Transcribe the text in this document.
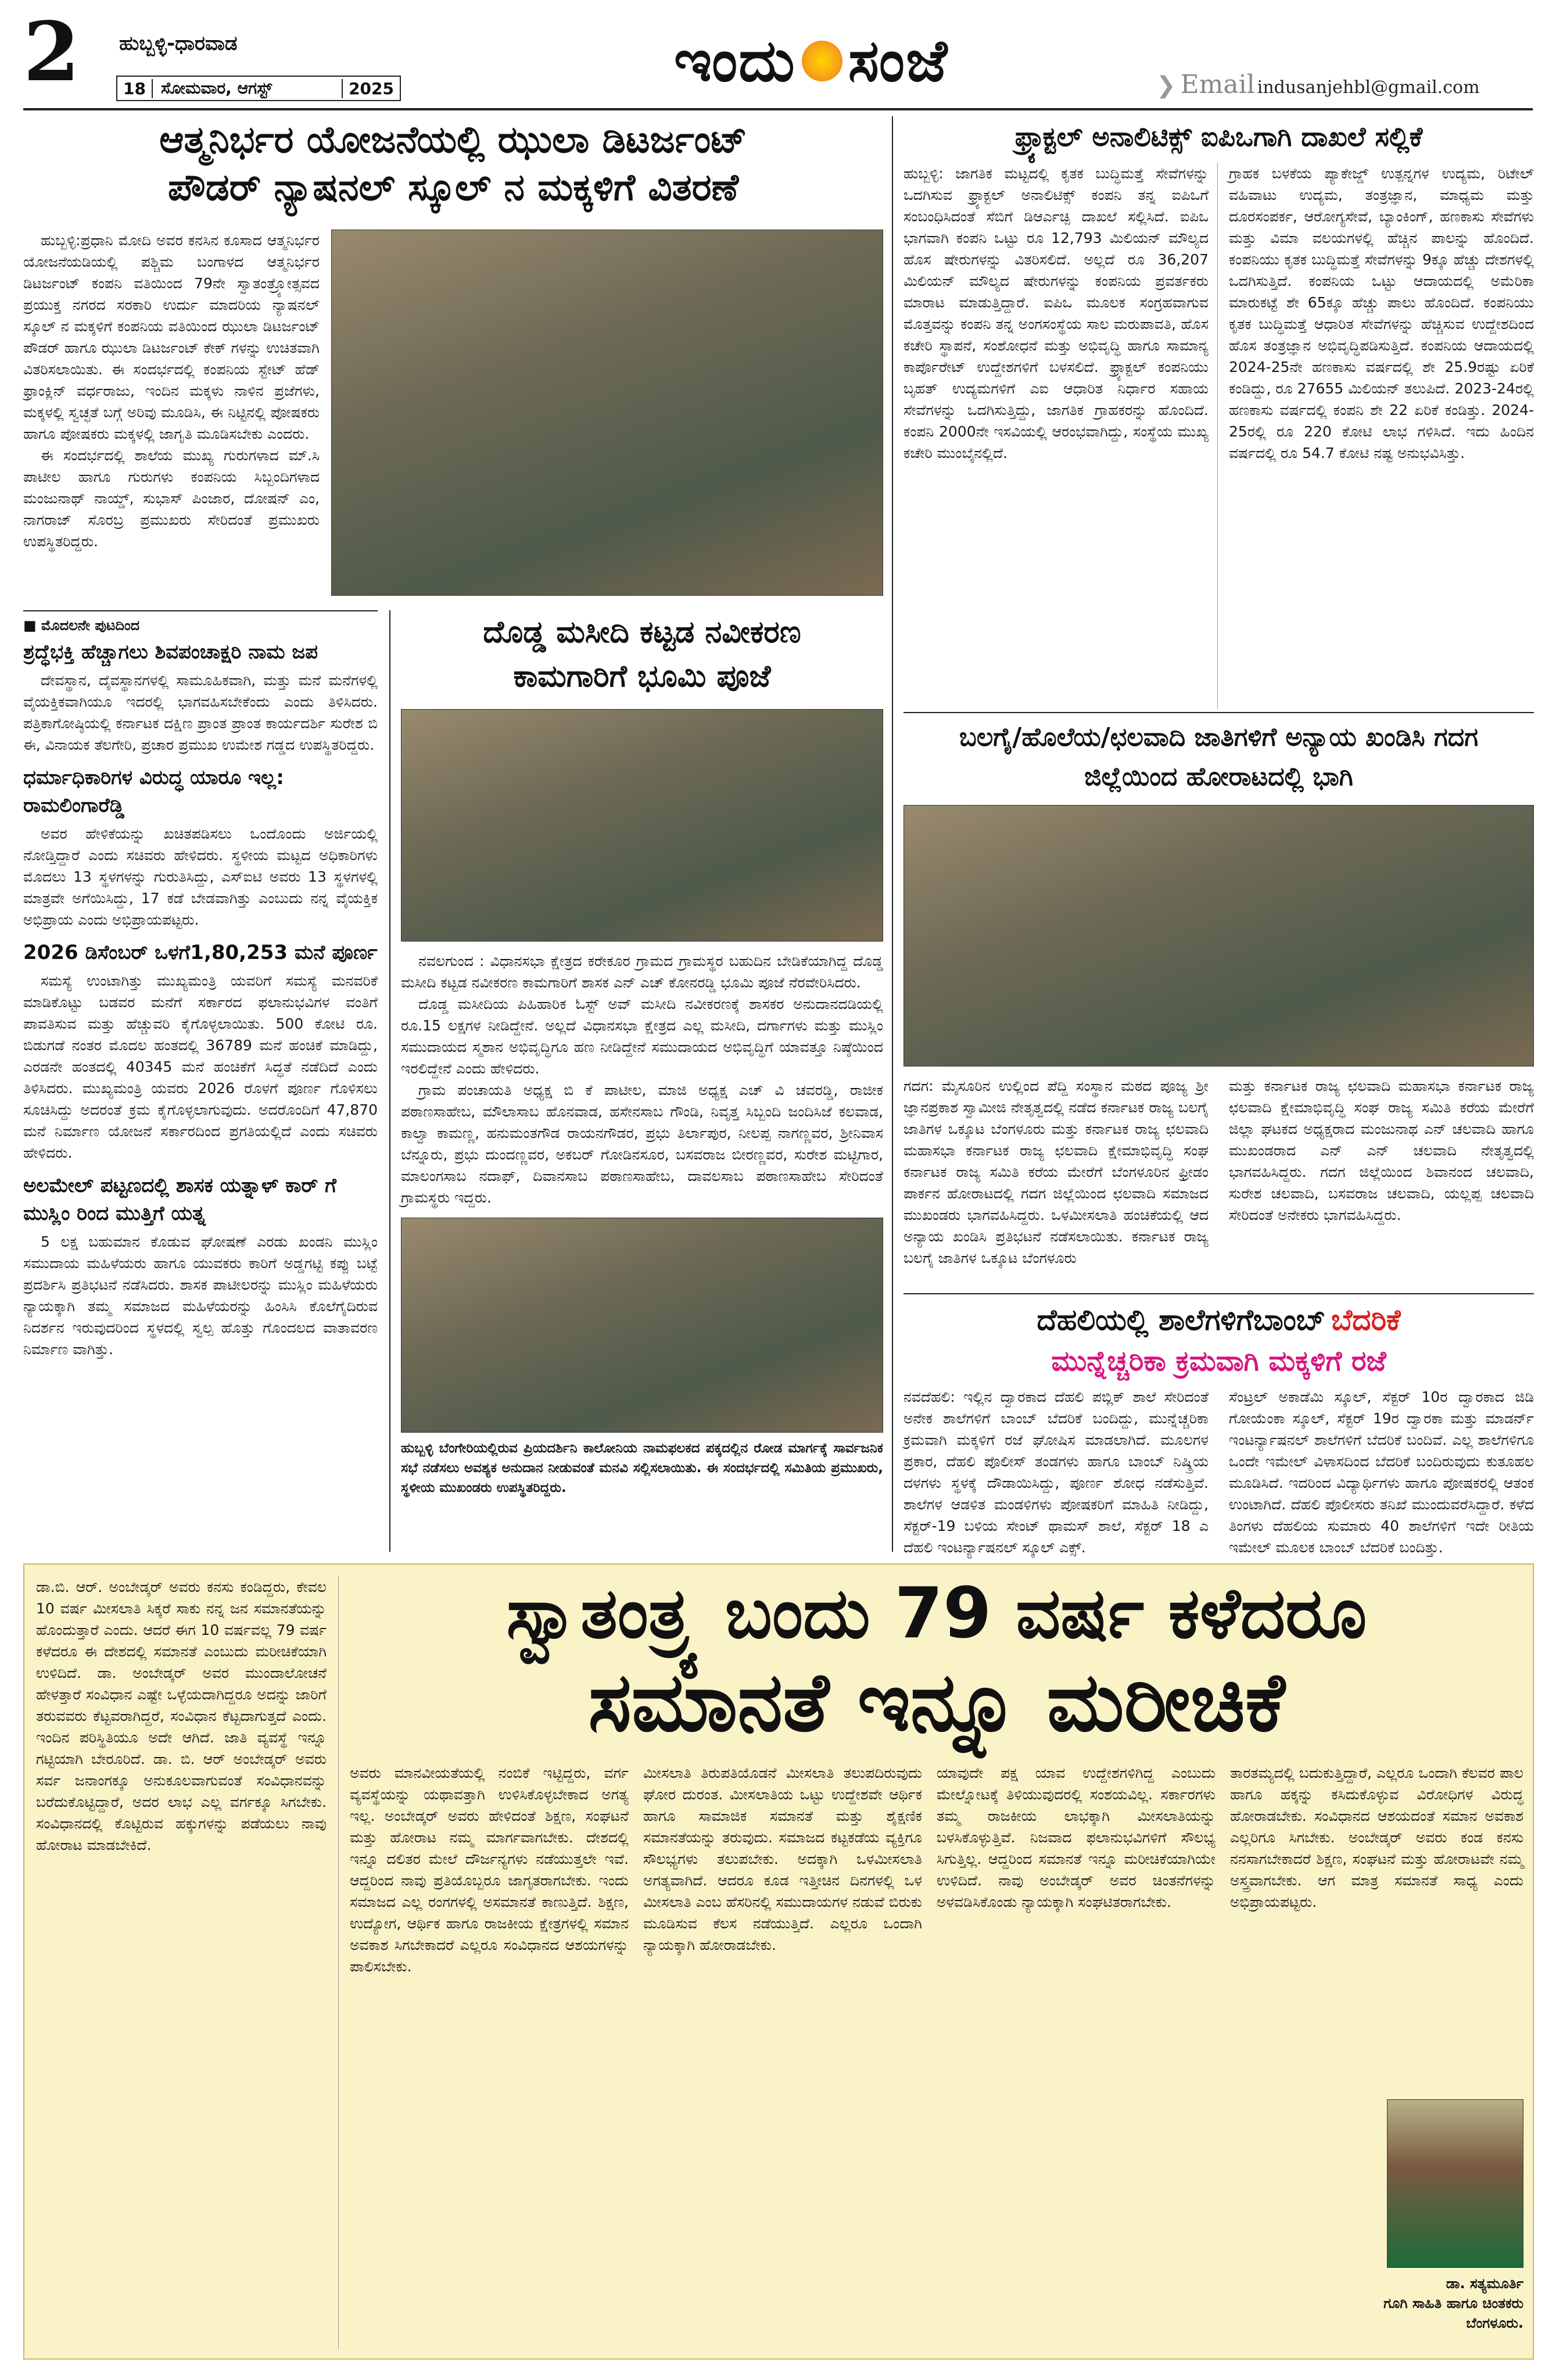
2 ಹುಬ್ಬಳ್ಳಿ-ಧಾರವಾಡ
18 ಸೋಮವಾರ, ಆಗಸ್ಟ್	2025	ಇಂದು ಸಂಜೆ	❯ Email indusanjehbl@gmail.com
ಆತ್ಮನಿರ್ಭರ ಯೋಜನೆಯಲ್ಲಿ ಝುಲಾ ಡಿಟರ್ಜಂಟ್
ಪೌಡರ್ ನ್ಯಾಷನಲ್ ಸ್ಕೂಲ್ ನ ಮಕ್ಕಳಿಗೆ ವಿತರಣೆ

ಹುಬ್ಬಳ್ಳಿ:ಪ್ರಧಾನಿ ಮೋದಿ ಅವರ ಕನಸಿನ ಕೂಸಾದ ಆತ್ಮನಿರ್ಭರ ಯೋಜನೆಯಡಿಯಲ್ಲಿ ಪಶ್ಚಿಮ ಬಂಗಾಳದ ಆತ್ಮನಿರ್ಭರ ಡಿಟರ್ಜಂಟ್ ಕಂಪನಿ ವತಿಯಿಂದ 79ನೇ ಸ್ವಾತಂತ್ರ್ಯೋತ್ಸವದ ಪ್ರಯುಕ್ತ ನಗರದ ಸರಕಾರಿ ಉರ್ದು ಮಾದರಿಯ ನ್ಯಾಷನಲ್ ಸ್ಕೂಲ್ ನ ಮಕ್ಕಳಿಗೆ ಕಂಪನಿಯ ವತಿಯಿಂದ ಝುಲಾ ಡಿಟರ್ಜಂಟ್ ಪೌಡರ್ ಹಾಗೂ ಝುಲಾ ಡಿಟರ್ಜಂಟ್ ಕೇಕ್ ಗಳನ್ನು ಉಚಿತವಾಗಿ ವಿತರಿಸಲಾಯಿತು. ಈ ಸಂದರ್ಭದಲ್ಲಿ ಕಂಪನಿಯ ಸ್ಟೇಟ್ ಹೆಡ್ ಫ್ರಾಂಕ್ಲಿನ್ ವರ್ಧರಾಜು, ಇಂದಿನ ಮಕ್ಕಳು ನಾಳಿನ ಪ್ರಜೆಗಳು, ಮಕ್ಕಳಲ್ಲಿ ಸ್ವಚ್ಛತೆ ಬಗ್ಗೆ ಅರಿವು ಮೂಡಿಸಿ, ಈ ನಿಟ್ಟಿನಲ್ಲಿ ಪೋಷಕರು ಹಾಗೂ ಪೋಷಕರು ಮಕ್ಕಳಲ್ಲಿ ಜಾಗೃತಿ ಮೂಡಿಸಬೇಕು ಎಂದರು.

ಈ ಸಂದರ್ಭದಲ್ಲಿ ಶಾಲೆಯ ಮುಖ್ಯ ಗುರುಗಳಾದ ಮ್.ಸಿ ಪಾಟೀಲ ಹಾಗೂ ಗುರುಗಳು ಕಂಪನಿಯ ಸಿಬ್ಬಂದಿಗಳಾದ ಮಂಜುನಾಥ್ ನಾಯ್ಡ್, ಸುಭಾಸ್ ಪಿಂಜಾರ, ದೋಷನ್ ಎಂ, ನಾಗರಾಜ್ ಸೊರಬ್ರ ಪ್ರಮುಖರು ಸೇರಿದಂತೆ ಪ್ರಮುಖರು ಉಪಸ್ಥಿತರಿದ್ದರು.

■ ಮೊದಲನೇ ಪುಟದಿಂದ
ಶ್ರದ್ಧೆಭಕ್ತಿ ಹೆಚ್ಚಾಗಲು ಶಿವಪಂಚಾಕ್ಷರಿ ನಾಮ ಜಪ

ದೇವಸ್ಥಾನ, ದೈವಸ್ಥಾನಗಳಲ್ಲಿ ಸಾಮೂಹಿಕವಾಗಿ, ಮತ್ತು ಮನೆ ಮನೆಗಳಲ್ಲಿ ವೈಯಕ್ತಿಕವಾಗಿಯೂ ಇದರಲ್ಲಿ ಭಾಗವಹಿಸಬೇಕೆಂದು ಎಂದು ತಿಳಿಸಿದರು. ಪತ್ರಿಕಾಗೋಷ್ಠಿಯಲ್ಲಿ ಕರ್ನಾಟಕ ದಕ್ಷಿಣ ಪ್ರಾಂತ ಪ್ರಾಂತ ಕಾರ್ಯದರ್ಶಿ ಸುರೇಶ ಬಿ ಈ, ವಿನಾಯಕ ತೆಲಗೇರಿ, ಪ್ರಚಾರ ಪ್ರಮುಖ ಉಮೇಶ ಗಡ್ಡದ ಉಪಸ್ಥಿತರಿದ್ದರು.

ಧರ್ಮಾಧಿಕಾರಿಗಳ ವಿರುದ್ಧ ಯಾರೂ ಇಲ್ಲ: ರಾಮಲಿಂಗಾರೆಡ್ಡಿ

ಅವರ ಹೇಳಿಕೆಯನ್ನು ಖಚಿತಪಡಿಸಲು ಒಂದೊಂದು ಅರ್ಜಿಯಲ್ಲಿ ನೋಡ್ತಿದ್ದಾರೆ ಎಂದು ಸಚಿವರು ಹೇಳಿದರು. ಸ್ಥಳೀಯ ಮಟ್ಟದ ಅಧಿಕಾರಿಗಳು ಮೊದಲು 13 ಸ್ಥಳಗಳನ್ನು ಗುರುತಿಸಿದ್ದು, ಎಸ್ಐಟಿ ಅವರು 13 ಸ್ಥಳಗಳಲ್ಲಿ ಮಾತ್ರವೇ ಅಗೆಯಿಸಿದ್ದು, 17 ಕಡೆ ಬೇಡವಾಗಿತ್ತು ಎಂಬುದು ನನ್ನ ವೈಯಕ್ತಿಕ ಅಭಿಪ್ರಾಯ ಎಂದು ಅಭಿಪ್ರಾಯಪಟ್ಟರು.

2026 ಡಿಸೆಂಬರ್ ಒಳಗೆ1,80,253 ಮನೆ ಪೂರ್ಣ

ಸಮಸ್ಯೆ ಉಂಟಾಗಿತ್ತು ಮುಖ್ಯಮಂತ್ರಿ ಯವರಿಗೆ ಸಮಸ್ಯೆ ಮನವರಿಕೆ ಮಾಡಿಕೊಟ್ಟು ಬಡವರ ಮನೆಗೆ ಸರ್ಕಾರದ ಫಲಾನುಭವಿಗಳ ವಂತಿಗೆ ಪಾವತಿಸುವ ಮತ್ತು ಹೆಚ್ಚುವರಿ ಕೈಗೊಳ್ಳಲಾಯಿತು. 500 ಕೋಟಿ ರೂ. ಬಿಡುಗಡೆ ನಂತರ ಮೊದಲ ಹಂತದಲ್ಲಿ 36789 ಮನೆ ಹಂಚಿಕೆ ಮಾಡಿದ್ದು, ಎರಡನೇ ಹಂತದಲ್ಲಿ 40345 ಮನೆ ಹಂಚಿಕೆಗೆ ಸಿದ್ಧತೆ ನಡೆದಿದೆ ಎಂದು ತಿಳಿಸಿದರು. ಮುಖ್ಯಮಂತ್ರಿ ಯವರು 2026 ರೊಳಗೆ ಪೂರ್ಣ ಗೊಳಿಸಲು ಸೂಚಿಸಿದ್ದು ಅದರಂತೆ ಕ್ರಮ ಕೈಗೊಳ್ಳಲಾಗುವುದು. ಅದರೊಂದಿಗೆ 47,870 ಮನೆ ನಿರ್ಮಾಣ ಯೋಜನೆ ಸರ್ಕಾರದಿಂದ ಪ್ರಗತಿಯಲ್ಲಿದೆ ಎಂದು ಸಚಿವರು ಹೇಳಿದರು.

ಅಲಮೇಲ್ ಪಟ್ಟಣದಲ್ಲಿ ಶಾಸಕ ಯತ್ನಾಳ್ ಕಾರ್ ಗೆ ಮುಸ್ಲಿಂ ರಿಂದ ಮುತ್ತಿಗೆ ಯತ್ನ

5 ಲಕ್ಷ ಬಹುಮಾನ ಕೊಡುವ ಘೋಷಣೆ ಎರಡು ಖಂಡನಿ ಮುಸ್ಲಿಂ ಸಮುದಾಯ ಮಹಿಳೆಯರು ಹಾಗೂ ಯುವಕರು ಕಾರಿಗೆ ಅಡ್ಡಗಟ್ಟಿ ಕಪ್ಪು ಬಟ್ಟೆ ಪ್ರದರ್ಶಿಸಿ ಪ್ರತಿಭಟನೆ ನಡೆಸಿದರು. ಶಾಸಕ ಪಾಟೀಲರನ್ನು ಮುಸ್ಲಿಂ ಮಹಿಳೆಯರು ನ್ಯಾಯಕ್ಕಾಗಿ ತಮ್ಮ ಸಮಾಜದ ಮಹಿಳೆಯರನ್ನು ಹಿಂಸಿಸಿ ಕೊಲೆಗೈದಿರುವ ನಿದರ್ಶನ ಇರುವುದರಿಂದ ಸ್ಥಳದಲ್ಲಿ ಸ್ವಲ್ಪ ಹೊತ್ತು ಗೊಂದಲದ ವಾತಾವರಣ ನಿರ್ಮಾಣ ವಾಗಿತ್ತು.

ದೊಡ್ಡ ಮಸೀದಿ ಕಟ್ಟಡ ನವೀಕರಣ ಕಾಮಗಾರಿಗೆ ಭೂಮಿ ಪೂಜೆ

ನವಲಗುಂದ : ವಿಧಾನಸಭಾ ಕ್ಷೇತ್ರದ ಕರೇಕೂರ ಗ್ರಾಮದ ಗ್ರಾಮಸ್ಥರ ಬಹುದಿನ ಬೇಡಿಕೆಯಾಗಿದ್ದ ದೊಡ್ಡ ಮಸೀದಿ ಕಟ್ಟಡ ನವೀಕರಣ ಕಾಮಗಾರಿಗೆ ಶಾಸಕ ಎನ್ ಎಚ್ ಕೋನರಡ್ಡಿ ಭೂಮಿ ಪೂಜೆ ನೆರವೇರಿಸಿದರು.

ದೊಡ್ಡ ಮಸೀದಿಯ ಪಿಹಿಹಾರಿಕ ಓಸ್ಟ್ ಅವ್ ಮಸೀದಿ ನವೀಕರಣಕ್ಕೆ ಶಾಸಕರ ಅನುದಾನದಡಿಯಲ್ಲಿ ರೂ.15 ಲಕ್ಷಗಳ ನೀಡಿದ್ದೇನೆ. ಅಲ್ಲದೆ ವಿಧಾನಸಭಾ ಕ್ಷೇತ್ರದ ಎಲ್ಲ ಮಸೀದಿ, ದರ್ಗಾಗಳು ಮತ್ತು ಮುಸ್ಲಿಂ ಸಮುದಾಯದ ಸ್ಮಶಾನ ಅಭಿವೃದ್ಧಿಗೂ ಹಣ ನೀಡಿದ್ದೇನೆ ಸಮುದಾಯದ ಅಭಿವೃದ್ಧಿಗೆ ಯಾವತ್ತೂ ನಿಷ್ಠೆಯಿಂದ ಇರಲಿದ್ದೇನೆ ಎಂದು ಹೇಳಿದರು.

ಗ್ರಾಮ ಪಂಚಾಯತಿ ಅಧ್ಯಕ್ಷ ಬಿ ಕೆ ಪಾಟೀಲ, ಮಾಜಿ ಅಧ್ಯಕ್ಷ ಎಚ್ ವಿ ಚವರಡ್ಡಿ, ರಾಜೀಕ ಪಠಾಣಸಾಹೇಬ, ಮೌಲಾಸಾಬ ಹೊನವಾಡ, ಹಸೇನಸಾಬ ಗೌಂಡಿ, ನಿವೃತ್ತ ಸಿಬ್ಬಂದಿ ಜಂದಿಸಿಜೆ ಕಲವಾಡ, ಕಾಲ್ವಾ ಕಾಮಣ್ಣ, ಹನುಮಂತಗೌಡ ರಾಯನಗೌಡರ, ಪ್ರಭು ತಿರ್ಲಾಪುರ, ನೀಲಪ್ಪ ನಾಗಣ್ಣವರ, ಶ್ರೀನಿವಾಸ ಬೆನ್ನೂರು, ಪ್ರಭು ದುಂದಣ್ಣವರ, ಅಕಬರ್ ಗೋಡಿನಸೂರ, ಬಸವರಾಜ ಬೀರಣ್ಣವರ, ಸುರೇಶ ಮಟ್ಟಿಗಾರ, ಮಾಲಂಗಸಾಬ ನದಾಫ್, ದಿವಾನಸಾಬ ಪಠಾಣಸಾಹೇಬ, ದಾವಲಸಾಬ ಪಠಾಣಸಾಹೇಬ ಸೇರಿದಂತೆ ಗ್ರಾಮಸ್ಥರು ಇದ್ದರು.

ಹುಬ್ಬಳ್ಳಿ ಬೆಂಗೇರಿಯಲ್ಲಿರುವ ಪ್ರಿಯದರ್ಶಿನಿ ಕಾಲೋನಿಯ ನಾಮಫಲಕದ ಪಕ್ಕದಲ್ಲಿನ ರೋಡ ಮಾರ್ಗಕ್ಕೆ ಸಾರ್ವಜನಿಕ ಸಭೆ ನಡೆಸಲು ಅವಶ್ಯಕ ಅನುದಾನ ನೀಡುವಂತೆ ಮನವಿ ಸಲ್ಲಿಸಲಾಯಿತು. ಈ ಸಂದರ್ಭದಲ್ಲಿ ಸಮಿತಿಯ ಪ್ರಮುಖರು, ಸ್ಥಳೀಯ ಮುಖಂಡರು ಉಪಸ್ಥಿತರಿದ್ದರು.

ಫ್ರ್ಯಾಕ್ಟಲ್ ಅನಾಲಿಟಿಕ್ಸ್ ಐಪಿಒಗಾಗಿ ದಾಖಲೆ ಸಲ್ಲಿಕೆ
ಹುಬ್ಬಳ್ಳಿ: ಜಾಗತಿಕ ಮಟ್ಟದಲ್ಲಿ ಕೃತಕ ಬುದ್ಧಿಮತ್ತೆ ಸೇವೆಗಳನ್ನು ಒದಗಿಸುವ ಫ್ರ್ಯಾಕ್ಟಲ್ ಅನಾಲಿಟಿಕ್ಸ್ ಕಂಪನಿ ತನ್ನ ಐಪಿಒಗೆ ಸಂಬಂಧಿಸಿದಂತೆ ಸೆಬಿಗೆ ಡಿಆರ್ಎಚ್ಪಿ ದಾಖಲೆ ಸಲ್ಲಿಸಿದೆ. ಐಪಿಒ ಭಾಗವಾಗಿ ಕಂಪನಿ ಒಟ್ಟು ರೂ 12,793 ಮಿಲಿಯನ್ ಮೌಲ್ಯದ ಹೊಸ ಷೇರುಗಳನ್ನು ವಿತರಿಸಲಿದೆ. ಅಲ್ಲದೆ ರೂ 36,207 ಮಿಲಿಯನ್ ಮೌಲ್ಯದ ಷೇರುಗಳನ್ನು ಕಂಪನಿಯ ಪ್ರವರ್ತಕರು ಮಾರಾಟ ಮಾಡುತ್ತಿದ್ದಾರೆ. ಐಪಿಒ ಮೂಲಕ ಸಂಗ್ರಹವಾಗುವ ಮೊತ್ತವನ್ನು ಕಂಪನಿ ತನ್ನ ಅಂಗಸಂಸ್ಥೆಯ ಸಾಲ ಮರುಪಾವತಿ, ಹೊಸ ಕಚೇರಿ ಸ್ಥಾಪನೆ, ಸಂಶೋಧನೆ ಮತ್ತು ಅಭಿವೃದ್ಧಿ ಹಾಗೂ ಸಾಮಾನ್ಯ ಕಾರ್ಪೊರೇಟ್ ಉದ್ದೇಶಗಳಿಗೆ ಬಳಸಲಿದೆ. ಫ್ರ್ಯಾಕ್ಟಲ್ ಕಂಪನಿಯು ಬೃಹತ್ ಉದ್ಯಮಗಳಿಗೆ ಎಐ ಆಧಾರಿತ ನಿರ್ಧಾರ ಸಹಾಯ ಸೇವೆಗಳನ್ನು ಒದಗಿಸುತ್ತಿದ್ದು, ಜಾಗತಿಕ ಗ್ರಾಹಕರನ್ನು ಹೊಂದಿದೆ. ಕಂಪನಿ 2000ನೇ ಇಸವಿಯಲ್ಲಿ ಆರಂಭವಾಗಿದ್ದು, ಸಂಸ್ಥೆಯ ಮುಖ್ಯ ಕಚೇರಿ ಮುಂಬೈನಲ್ಲಿದೆ.
ಗ್ರಾಹಕ ಬಳಕೆಯ ಪ್ಯಾಕೇಜ್ಡ್ ಉತ್ಪನ್ನಗಳ ಉದ್ಯಮ, ರಿಟೇಲ್ ವಹಿವಾಟು ಉದ್ಯಮ, ತಂತ್ರಜ್ಞಾನ, ಮಾಧ್ಯಮ ಮತ್ತು ದೂರಸಂಪರ್ಕ, ಆರೋಗ್ಯಸೇವೆ, ಬ್ಯಾಂಕಿಂಗ್, ಹಣಕಾಸು ಸೇವೆಗಳು ಮತ್ತು ವಿಮಾ ವಲಯಗಳಲ್ಲಿ ಹೆಚ್ಚಿನ ಪಾಲನ್ನು ಹೊಂದಿದೆ. ಕಂಪನಿಯು ಕೃತಕ ಬುದ್ಧಿಮತ್ತೆ ಸೇವೆಗಳನ್ನು 9ಕ್ಕೂ ಹೆಚ್ಚು ದೇಶಗಳಲ್ಲಿ ಒದಗಿಸುತ್ತಿದೆ. ಕಂಪನಿಯ ಒಟ್ಟು ಆದಾಯದಲ್ಲಿ ಅಮೆರಿಕಾ ಮಾರುಕಟ್ಟೆ ಶೇ 65ಕ್ಕೂ ಹೆಚ್ಚು ಪಾಲು ಹೊಂದಿದೆ. ಕಂಪನಿಯು ಕೃತಕ ಬುದ್ಧಿಮತ್ತೆ ಆಧಾರಿತ ಸೇವೆಗಳನ್ನು ಹೆಚ್ಚಿಸುವ ಉದ್ದೇಶದಿಂದ ಹೊಸ ತಂತ್ರಜ್ಞಾನ ಅಭಿವೃದ್ಧಿಪಡಿಸುತ್ತಿದೆ. ಕಂಪನಿಯ ಆದಾಯದಲ್ಲಿ 2024-25ನೇ ಹಣಕಾಸು ವರ್ಷದಲ್ಲಿ ಶೇ 25.9ರಷ್ಟು ಏರಿಕೆ ಕಂಡಿದ್ದು, ರೂ 27655 ಮಿಲಿಯನ್ ತಲುಪಿದೆ. 2023-24ರಲ್ಲಿ ಹಣಕಾಸು ವರ್ಷದಲ್ಲಿ ಕಂಪನಿ ಶೇ 22 ಏರಿಕೆ ಕಂಡಿತ್ತು. 2024-25ರಲ್ಲಿ ರೂ 220 ಕೋಟಿ ಲಾಭ ಗಳಿಸಿದೆ. ಇದು ಹಿಂದಿನ ವರ್ಷದಲ್ಲಿ ರೂ 54.7 ಕೋಟಿ ನಷ್ಟ ಅನುಭವಿಸಿತ್ತು.
ಬಲಗೈ/ಹೊಲೆಯ/ಛಲವಾದಿ ಜಾತಿಗಳಿಗೆ ಅನ್ಯಾಯ ಖಂಡಿಸಿ ಗದಗ ಜಿಲ್ಲೆಯಿಂದ ಹೋರಾಟದಲ್ಲಿ ಭಾಗಿ
ಗದಗ: ಮೈಸೂರಿನ ಉಲ್ಲಿಂದ ಪೆದ್ದಿ ಸಂಸ್ಥಾನ ಮಠದ ಪೂಜ್ಯ ಶ್ರೀ ಜ್ಞಾನಪ್ರಕಾಶ ಸ್ವಾಮೀಜಿ ನೇತೃತ್ವದಲ್ಲಿ ನಡೆದ ಕರ್ನಾಟಕ ರಾಜ್ಯ ಬಲಗೈ ಜಾತಿಗಳ ಒಕ್ಕೂಟ ಬೆಂಗಳೂರು ಮತ್ತು ಕರ್ನಾಟಕ ರಾಜ್ಯ ಛಲವಾದಿ ಮಹಾಸಭಾ ಕರ್ನಾಟಕ ರಾಜ್ಯ ಛಲವಾದಿ ಕ್ಷೇಮಾಭಿವೃದ್ಧಿ ಸಂಘ ಕರ್ನಾಟಕ ರಾಜ್ಯ ಸಮಿತಿ ಕರೆಯ ಮೇರೆಗೆ ಬೆಂಗಳೂರಿನ ಫ್ರೀಡಂ ಪಾರ್ಕನ ಹೋರಾಟದಲ್ಲಿ ಗದಗ ಜಿಲ್ಲೆಯಿಂದ ಛಲವಾದಿ ಸಮಾಜದ ಮುಖಂಡರು ಭಾಗವಹಿಸಿದ್ದರು. ಒಳಮೀಸಲಾತಿ ಹಂಚಿಕೆಯಲ್ಲಿ ಆದ ಅನ್ಯಾಯ ಖಂಡಿಸಿ ಪ್ರತಿಭಟನೆ ನಡೆಸಲಾಯಿತು. ಕರ್ನಾಟಕ ರಾಜ್ಯ ಬಲಗೈ ಜಾತಿಗಳ ಒಕ್ಕೂಟ ಬೆಂಗಳೂರು
ಮತ್ತು ಕರ್ನಾಟಕ ರಾಜ್ಯ ಛಲವಾದಿ ಮಹಾಸಭಾ ಕರ್ನಾಟಕ ರಾಜ್ಯ ಛಲವಾದಿ ಕ್ಷೇಮಾಭಿವೃದ್ಧಿ ಸಂಘ ರಾಜ್ಯ ಸಮಿತಿ ಕರೆಯ ಮೇರೆಗೆ ಜಿಲ್ಲಾ ಘಟಕದ ಅಧ್ಯಕ್ಷರಾದ ಮಂಜುನಾಥ ಎನ್ ಚಲವಾದಿ ಹಾಗೂ ಮುಖಂಡರಾದ ಎನ್ ಎನ್ ಚಲವಾದಿ ನೇತೃತ್ವದಲ್ಲಿ ಭಾಗವಹಿಸಿದ್ದರು. ಗದಗ ಜಿಲ್ಲೆಯಿಂದ ಶಿವಾನಂದ ಚಲವಾದಿ, ಸುರೇಶ ಚಲವಾದಿ, ಬಸವರಾಜ ಚಲವಾದಿ, ಯಲ್ಲಪ್ಪ ಚಲವಾದಿ ಸೇರಿದಂತೆ ಅನೇಕರು ಭಾಗವಹಿಸಿದ್ದರು.
ದೆಹಲಿಯಲ್ಲಿ ಶಾಲೆಗಳಿಗೆಬಾಂಬ್ ಬೆದರಿಕೆ
ಮುನ್ನೆಚ್ಚರಿಕಾ ಕ್ರಮವಾಗಿ ಮಕ್ಕಳಿಗೆ ರಜೆ
ನವದೆಹಲಿ: ಇಲ್ಲಿನ ದ್ವಾರಕಾದ ದೆಹಲಿ ಪಬ್ಲಿಕ್ ಶಾಲೆ ಸೇರಿದಂತೆ ಅನೇಕ ಶಾಲೆಗಳಿಗೆ ಬಾಂಬ್ ಬೆದರಿಕೆ ಬಂದಿದ್ದು, ಮುನ್ನೆಚ್ಚರಿಕಾ ಕ್ರಮವಾಗಿ ಮಕ್ಕಳಿಗೆ ರಜೆ ಘೋಷಿಸ ಮಾಡಲಾಗಿದೆ. ಮೂಲಗಳ ಪ್ರಕಾರ, ದೆಹಲಿ ಪೊಲೀಸ್ ತಂಡಗಳು ಹಾಗೂ ಬಾಂಬ್ ನಿಷ್ಕ್ರಿಯ ದಳಗಳು ಸ್ಥಳಕ್ಕೆ ದೌಡಾಯಿಸಿದ್ದು, ಪೂರ್ಣ ಶೋಧ ನಡೆಸುತ್ತಿವೆ. ಶಾಲೆಗಳ ಆಡಳಿತ ಮಂಡಳಿಗಳು ಪೋಷಕರಿಗೆ ಮಾಹಿತಿ ನೀಡಿದ್ದು, ಸೆಕ್ಟರ್-19 ಬಳಿಯ ಸೇಂಟ್ ಥಾಮಸ್ ಶಾಲೆ, ಸೆಕ್ಟರ್ 18 ಎ ದೆಹಲಿ ಇಂಟರ್ನ್ಯಾಷನಲ್ ಸ್ಕೂಲ್ ಎಕ್ಸ್.
ಸೆಂಟ್ರಲ್ ಅಕಾಡೆಮಿ ಸ್ಕೂಲ್, ಸೆಕ್ಟರ್ 10ರ ದ್ವಾರಕಾದ ಜಿಡಿ ಗೋಯೆಂಕಾ ಸ್ಕೂಲ್, ಸೆಕ್ಟರ್ 19ರ ದ್ವಾರಕಾ ಮತ್ತು ಮಾಡರ್ನ್ ಇಂಟರ್ನ್ಯಾಷನಲ್ ಶಾಲೆಗಳಿಗೆ ಬೆದರಿಕೆ ಬಂದಿವೆ. ಎಲ್ಲ ಶಾಲೆಗಳಿಗೂ ಒಂದೇ ಇಮೇಲ್ ವಿಳಾಸದಿಂದ ಬೆದರಿಕೆ ಬಂದಿರುವುದು ಕುತೂಹಲ ಮೂಡಿಸಿದೆ. ಇದರಿಂದ ವಿದ್ಯಾರ್ಥಿಗಳು ಹಾಗೂ ಪೋಷಕರಲ್ಲಿ ಆತಂಕ ಉಂಟಾಗಿದೆ. ದೆಹಲಿ ಪೊಲೀಸರು ತನಿಖೆ ಮುಂದುವರೆಸಿದ್ದಾರೆ. ಕಳೆದ ತಿಂಗಳು ದೆಹಲಿಯ ಸುಮಾರು 40 ಶಾಲೆಗಳಿಗೆ ಇದೇ ರೀತಿಯ ಇಮೇಲ್ ಮೂಲಕ ಬಾಂಬ್ ಬೆದರಿಕೆ ಬಂದಿತ್ತು.
ಸ್ವಾತಂತ್ರ್ಯ ಬಂದು 79 ವರ್ಷ ಕಳೆದರೂ
ಸಮಾನತೆ ಇನ್ನೂ ಮರೀಚಿಕೆ
ಡಾ.ಬಿ. ಆರ್. ಅಂಬೇಡ್ಕರ್ ಅವರು ಕನಸು ಕಂಡಿದ್ದರು, ಕೇವಲ 10 ವರ್ಷ ಮೀಸಲಾತಿ ಸಿಕ್ಕರೆ ಸಾಕು ನನ್ನ ಜನ ಸಮಾನತೆಯನ್ನು ಹೊಂದುತ್ತಾರೆ ಎಂದು. ಆದರೆ ಈಗ 10 ವರ್ಷವಲ್ಲ 79 ವರ್ಷ ಕಳೆದರೂ ಈ ದೇಶದಲ್ಲಿ ಸಮಾನತೆ ಎಂಬುದು ಮರೀಚಿಕೆಯಾಗಿ ಉಳಿದಿದೆ. ಡಾ. ಅಂಬೇಡ್ಕರ್ ಅವರ ಮುಂದಾಲೋಚನೆ ಹೇಳತ್ತಾರೆ ಸಂವಿಧಾನ ಎಷ್ಟೇ ಒಳ್ಳೆಯದಾಗಿದ್ದರೂ ಅದನ್ನು ಜಾರಿಗೆ ತರುವವರು ಕೆಟ್ಟವರಾಗಿದ್ದರೆ, ಸಂವಿಧಾನ ಕೆಟ್ಟದಾಗುತ್ತದೆ ಎಂದು. ಇಂದಿನ ಪರಿಸ್ಥಿತಿಯೂ ಅದೇ ಆಗಿದೆ. ಜಾತಿ ವ್ಯವಸ್ಥೆ ಇನ್ನೂ ಗಟ್ಟಿಯಾಗಿ ಬೇರೂರಿದೆ. ಡಾ. ಬಿ. ಆರ್ ಅಂಬೇಡ್ಕರ್ ಅವರು ಸರ್ವ ಜನಾಂಗಕ್ಕೂ ಅನುಕೂಲವಾಗುವಂತೆ ಸಂವಿಧಾನವನ್ನು ಬರೆದುಕೊಟ್ಟಿದ್ದಾರೆ, ಅದರ ಲಾಭ ಎಲ್ಲ ವರ್ಗಕ್ಕೂ ಸಿಗಬೇಕು. ಸಂವಿಧಾನದಲ್ಲಿ ಕೊಟ್ಟಿರುವ ಹಕ್ಕುಗಳನ್ನು ಪಡೆಯಲು ನಾವು ಹೋರಾಟ ಮಾಡಬೇಕಿದೆ.
ಅವರು ಮಾನವೀಯತೆಯಲ್ಲಿ ನಂಬಿಕೆ ಇಟ್ಟಿದ್ದರು, ವರ್ಗ ವ್ಯವಸ್ಥೆಯನ್ನು ಯಥಾವತ್ತಾಗಿ ಉಳಿಸಿಕೊಳ್ಳಬೇಕಾದ ಅಗತ್ಯ ಇಲ್ಲ. ಅಂಬೇಡ್ಕರ್ ಅವರು ಹೇಳಿದಂತೆ ಶಿಕ್ಷಣ, ಸಂಘಟನೆ ಮತ್ತು ಹೋರಾಟ ನಮ್ಮ ಮಾರ್ಗವಾಗಬೇಕು. ದೇಶದಲ್ಲಿ ಇನ್ನೂ ದಲಿತರ ಮೇಲೆ ದೌರ್ಜನ್ಯಗಳು ನಡೆಯುತ್ತಲೇ ಇವೆ. ಆದ್ದರಿಂದ ನಾವು ಪ್ರತಿಯೊಬ್ಬರೂ ಜಾಗೃತರಾಗಬೇಕು. ಇಂದು ಸಮಾಜದ ಎಲ್ಲ ರಂಗಗಳಲ್ಲಿ ಅಸಮಾನತೆ ಕಾಣುತ್ತಿದೆ. ಶಿಕ್ಷಣ, ಉದ್ಯೋಗ, ಆರ್ಥಿಕ ಹಾಗೂ ರಾಜಕೀಯ ಕ್ಷೇತ್ರಗಳಲ್ಲಿ ಸಮಾನ ಅವಕಾಶ ಸಿಗಬೇಕಾದರೆ ಎಲ್ಲರೂ ಸಂವಿಧಾನದ ಆಶಯಗಳನ್ನು ಪಾಲಿಸಬೇಕು.
ಮೀಸಲಾತಿ ತಿರುಪತಿಯೊಡನೆ ಮೀಸಲಾತಿ ತಲುಪದಿರುವುದು ಘೋರ ದುರಂತ. ಮೀಸಲಾತಿಯ ಒಟ್ಟು ಉದ್ದೇಶವೇ ಆರ್ಥಿಕ ಹಾಗೂ ಸಾಮಾಜಿಕ ಸಮಾನತೆ ಮತ್ತು ಶೈಕ್ಷಣಿಕ ಸಮಾನತೆಯನ್ನು ತರುವುದು. ಸಮಾಜದ ಕಟ್ಟಕಡೆಯ ವ್ಯಕ್ತಿಗೂ ಸೌಲಭ್ಯಗಳು ತಲುಪಬೇಕು. ಅದಕ್ಕಾಗಿ ಒಳಮೀಸಲಾತಿ ಅಗತ್ಯವಾಗಿದೆ. ಆದರೂ ಕೂಡ ಇತ್ತೀಚಿನ ದಿನಗಳಲ್ಲಿ ಒಳ ಮೀಸಲಾತಿ ಎಂಬ ಹೆಸರಿನಲ್ಲಿ ಸಮುದಾಯಗಳ ನಡುವೆ ಬಿರುಕು ಮೂಡಿಸುವ ಕೆಲಸ ನಡೆಯುತ್ತಿದೆ. ಎಲ್ಲರೂ ಒಂದಾಗಿ ನ್ಯಾಯಕ್ಕಾಗಿ ಹೋರಾಡಬೇಕು.
ಯಾವುದೇ ಪಕ್ಷ ಯಾವ ಉದ್ದೇಶಗಳಿಗಿದ್ದ ಎಂಬುದು ಮೇಲ್ನೋಟಕ್ಕೆ ತಿಳಿಯುವುದರಲ್ಲಿ ಸಂಶಯವಿಲ್ಲ. ಸರ್ಕಾರಗಳು ತಮ್ಮ ರಾಜಕೀಯ ಲಾಭಕ್ಕಾಗಿ ಮೀಸಲಾತಿಯನ್ನು ಬಳಸಿಕೊಳ್ಳುತ್ತಿವೆ. ನಿಜವಾದ ಫಲಾನುಭವಿಗಳಿಗೆ ಸೌಲಭ್ಯ ಸಿಗುತ್ತಿಲ್ಲ. ಆದ್ದರಿಂದ ಸಮಾನತೆ ಇನ್ನೂ ಮರೀಚಿಕೆಯಾಗಿಯೇ ಉಳಿದಿದೆ. ನಾವು ಅಂಬೇಡ್ಕರ್ ಅವರ ಚಿಂತನೆಗಳನ್ನು ಅಳವಡಿಸಿಕೊಂಡು ನ್ಯಾಯಕ್ಕಾಗಿ ಸಂಘಟಿತರಾಗಬೇಕು.
ತಾರತಮ್ಯದಲ್ಲಿ ಬದುಕುತ್ತಿದ್ದಾರೆ, ಎಲ್ಲರೂ ಒಂದಾಗಿ ಕೆಲವರ ಪಾಲ ಹಾಗೂ ಹಕ್ಕನ್ನು ಕಸಿದುಕೊಳ್ಳುವ ವಿರೋಧಿಗಳ ವಿರುದ್ಧ ಹೋರಾಡಬೇಕು. ಸಂವಿಧಾನದ ಆಶಯದಂತೆ ಸಮಾನ ಅವಕಾಶ ಎಲ್ಲರಿಗೂ ಸಿಗಬೇಕು. ಅಂಬೇಡ್ಕರ್ ಅವರು ಕಂಡ ಕನಸು ನನಸಾಗಬೇಕಾದರೆ ಶಿಕ್ಷಣ, ಸಂಘಟನೆ ಮತ್ತು ಹೋರಾಟವೇ ನಮ್ಮ ಅಸ್ತ್ರವಾಗಬೇಕು. ಆಗ ಮಾತ್ರ ಸಮಾನತೆ ಸಾಧ್ಯ ಎಂದು ಅಭಿಪ್ರಾಯಪಟ್ಟರು.
ಡಾ. ಸತ್ಯಮೂರ್ತಿ
ಗೂಗಿ ಸಾಹಿತಿ ಹಾಗೂ ಚಿಂತಕರು
ಬೆಂಗಳೂರು.
